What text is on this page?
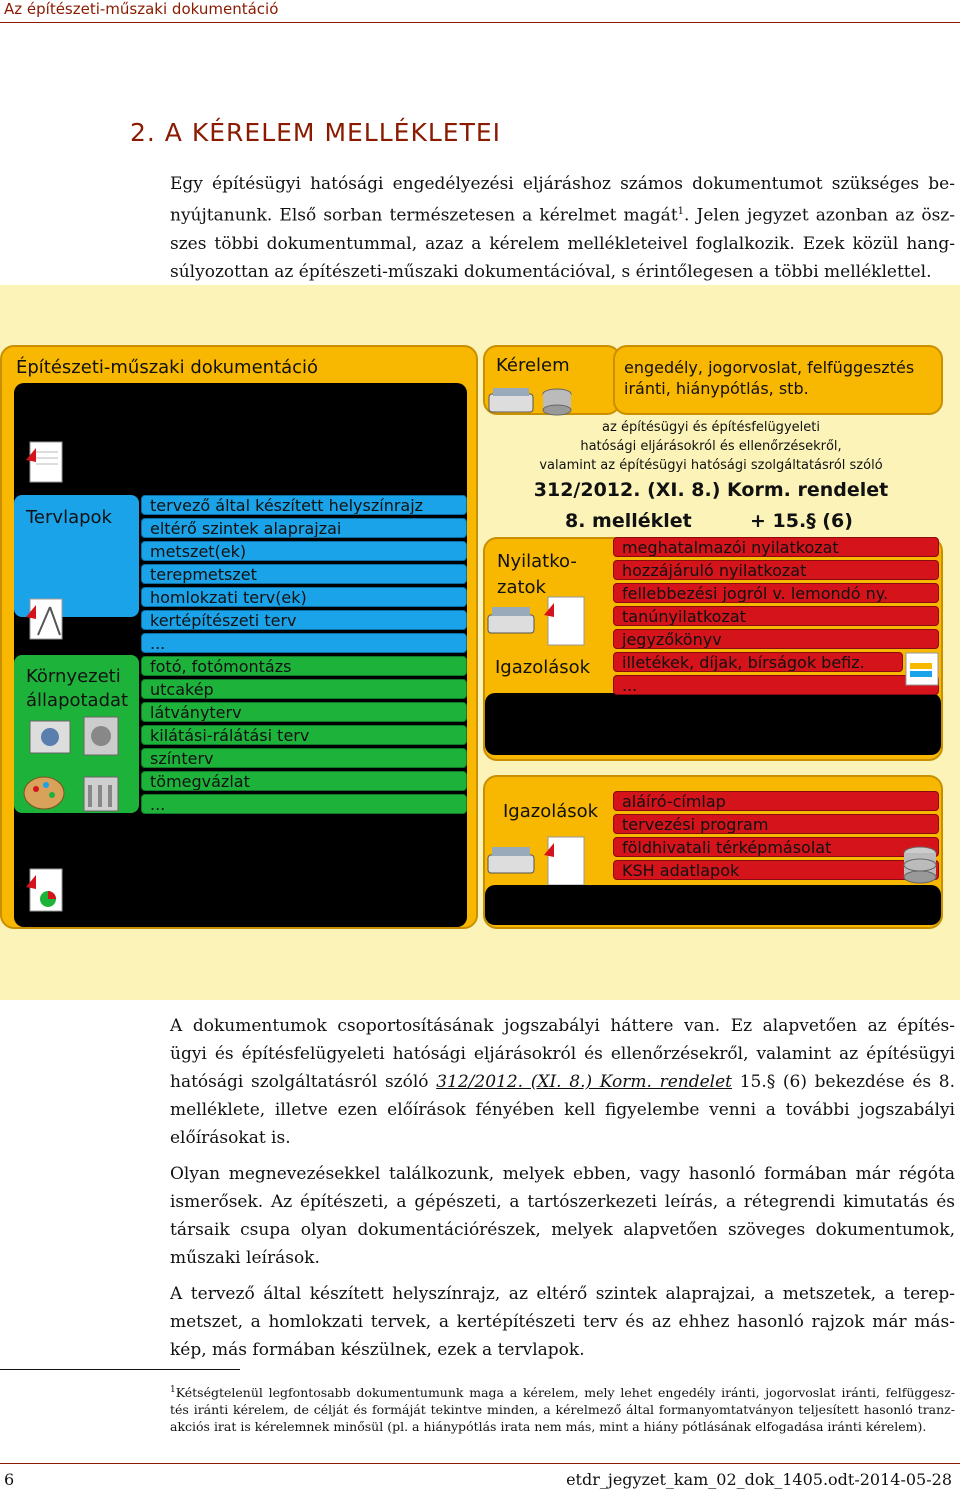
Az építészeti-műszaki dokumentáció
2. A KÉRELEM MELLÉKLETEI
Egy építésügyi hatósági engedélyezési eljáráshoz számos dokumentumot szükséges be-
nyújtanunk. Első sorban természetesen a kérelmet magát$^1$. Jelen jegyzet azonban az ösz-
szes többi dokumentummal, azaz a kérelem mellékleteivel foglalkozik. Ezek közül hang-
súlyozottan az építészeti-műszaki dokumentációval, s érintőlegesen a többi melléklettel.
Építészeti-műszaki dokumentáció
Tervlapok
tervező által készített helyszínrajz
eltérő szintek alaprajzai
metszet(ek)
terepmetszet
homlokzati terv(ek)
kertépítészeti terv
...
Környezeti állapotadat
fotó, fotómontázs
utcakép
látványterv
kilátási-rálátási terv
színterv
tömegvázlat
...
Kérelem	engedély, jogorvoslat, felfüggesztés iránti, hiánypótlás, stb.
az építésügyi és építésfelügyeleti
hatósági eljárásokról és ellenőrzésekről,
valamint az építésügyi hatósági szolgáltatásról szóló
312/2012. (XI. 8.) Korm. rendelet
8. melléklet	+ 15.§ (6)
Nyilatko-
zatok
Igazolások
meghatalmazói nyilatkozat
hozzájáruló nyilatkozat
fellebbezési jogról v. lemondó ny.
tanúnyilatkozat
jegyzőkönyv
illetékek, díjak, bírságok befiz.
...
Igazolások	aláíró-címlap
tervezési program
földhivatali térképmásolat
KSH adatlapok
A dokumentumok csoportosításának jogszabályi háttere van. Ez alapvetően az építés-
ügyi és építésfelügyeleti hatósági eljárásokról és ellenőrzésekről, valamint az építésügyi
hatósági szolgáltatásról szóló 312/2012. (XI. 8.) Korm. rendelet 15.§ (6) bekezdése és 8.
melléklete, illetve ezen előírások fényében kell figyelembe venni a további jogszabályi
előírásokat is.
Olyan megnevezésekkel találkozunk, melyek ebben, vagy hasonló formában már régóta
ismerősek. Az építészeti, a gépészeti, a tartószerkezeti leírás, a rétegrendi kimutatás és
társaik csupa olyan dokumentációrészek, melyek alapvetően szöveges dokumentumok,
műszaki leírások.
A tervező által készített helyszínrajz, az eltérő szintek alaprajzai, a metszetek, a terep-
metszet, a homlokzati tervek, a kertépítészeti terv és az ehhez hasonló rajzok már más-
kép, más formában készülnek, ezek a tervlapok.
$^1$Kétségtelenül legfontosabb dokumentumunk maga a kérelem, mely lehet engedély iránti, jogorvoslat iránti, felfüggesz-
tés iránti kérelem, de célját és formáját tekintve minden, a kérelmező által formanyomtatványon teljesített hasonló tranz-
akciós irat is kérelemnek minősül (pl. a hiánypótlás irata nem más, mint a hiány pótlásának elfogadása iránti kérelem).
6	etdr_jegyzet_kam_02_dok_1405.odt-2014-05-28
